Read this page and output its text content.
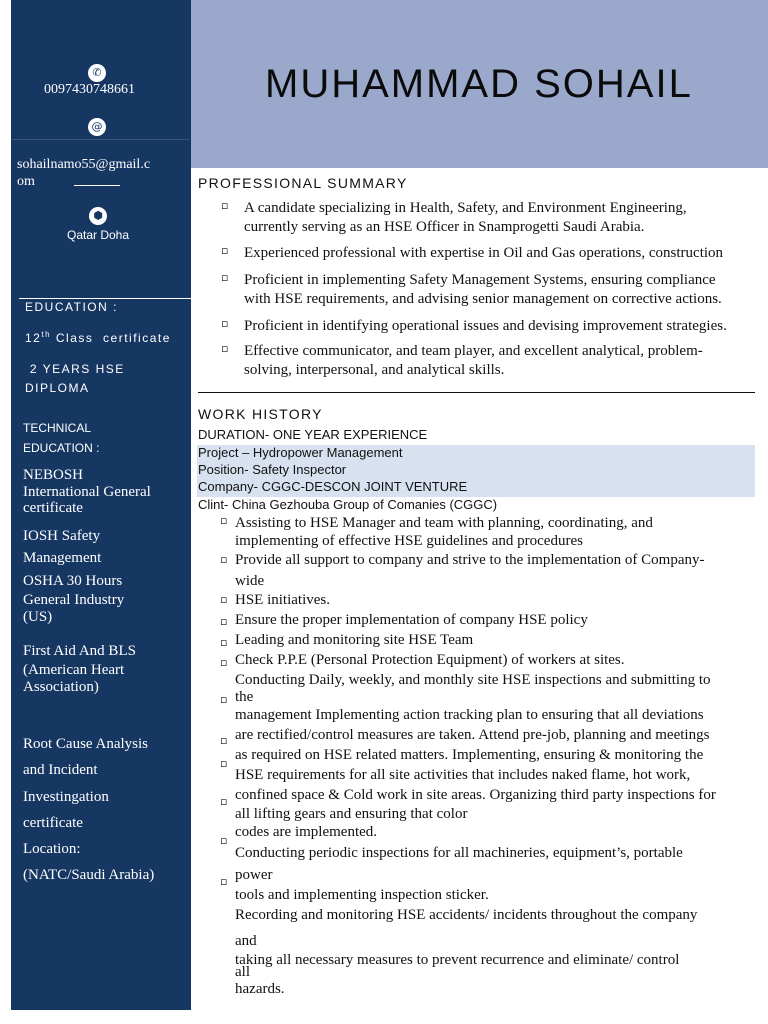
MUHAMMAD SOHAIL
✆
0097430748661
@
sohailnamo55@gmail.c
om
⬢
Qatar Doha
EDUCATION :
12th Class  certificate
2 YEARS HSE
DIPLOMA
TECHNICAL
EDUCATION :
NEBOSH
International General
certificate
IOSH Safety
Management
OSHA 30 Hours
General Industry
(US)
First Aid And BLS
(American Heart
Association)
Root Cause Analysis
and Incident
Investingation
certificate
Location:
(NATC/Saudi Arabia)
PROFESSIONAL SUMMARY
▫ A candidate specializing in Health, Safety, and Environment Engineering,
currently serving as an HSE Officer in Snamprogetti Saudi Arabia.
▫ Experienced professional with expertise in Oil and Gas operations, construction
▫ Proficient in implementing Safety Management Systems, ensuring compliance
with HSE requirements, and advising senior management on corrective actions.
▫ Proficient in identifying operational issues and devising improvement strategies.
▫ Effective communicator, and team player, and excellent analytical, problem-
solving, interpersonal, and analytical skills.
WORK HISTORY
DURATION- ONE YEAR EXPERIENCE
Project – Hydropower Management
Position- Safety Inspector
Company- CGGC-DESCON JOINT VENTURE
Clint- China Gezhouba Group of Comanies (CGGC)
▫
▫
▫
▫
▫
▫
▫
▫
▫
▫
▫
▫
Assisting to HSE Manager and team with planning, coordinating, and
implementing of effective HSE guidelines and procedures
Provide all support to company and strive to the implementation of Company-
wide
HSE initiatives.
Ensure the proper implementation of company HSE policy
Leading and monitoring site HSE Team
Check P.P.E (Personal Protection Equipment) of workers at sites.
Conducting Daily, weekly, and monthly site HSE inspections and submitting to
the
management Implementing action tracking plan to ensuring that all deviations
are rectified/control measures are taken. Attend pre-job, planning and meetings
as required on HSE related matters. Implementing, ensuring & monitoring the
HSE requirements for all site activities that includes naked flame, hot work,
confined space & Cold work in site areas. Organizing third party inspections for
all lifting gears and ensuring that color
codes are implemented.
Conducting periodic inspections for all machineries, equipment’s, portable
power
tools and implementing inspection sticker.
Recording and monitoring HSE accidents/ incidents throughout the company
and
taking all necessary measures to prevent recurrence and eliminate/ control
all
hazards.
